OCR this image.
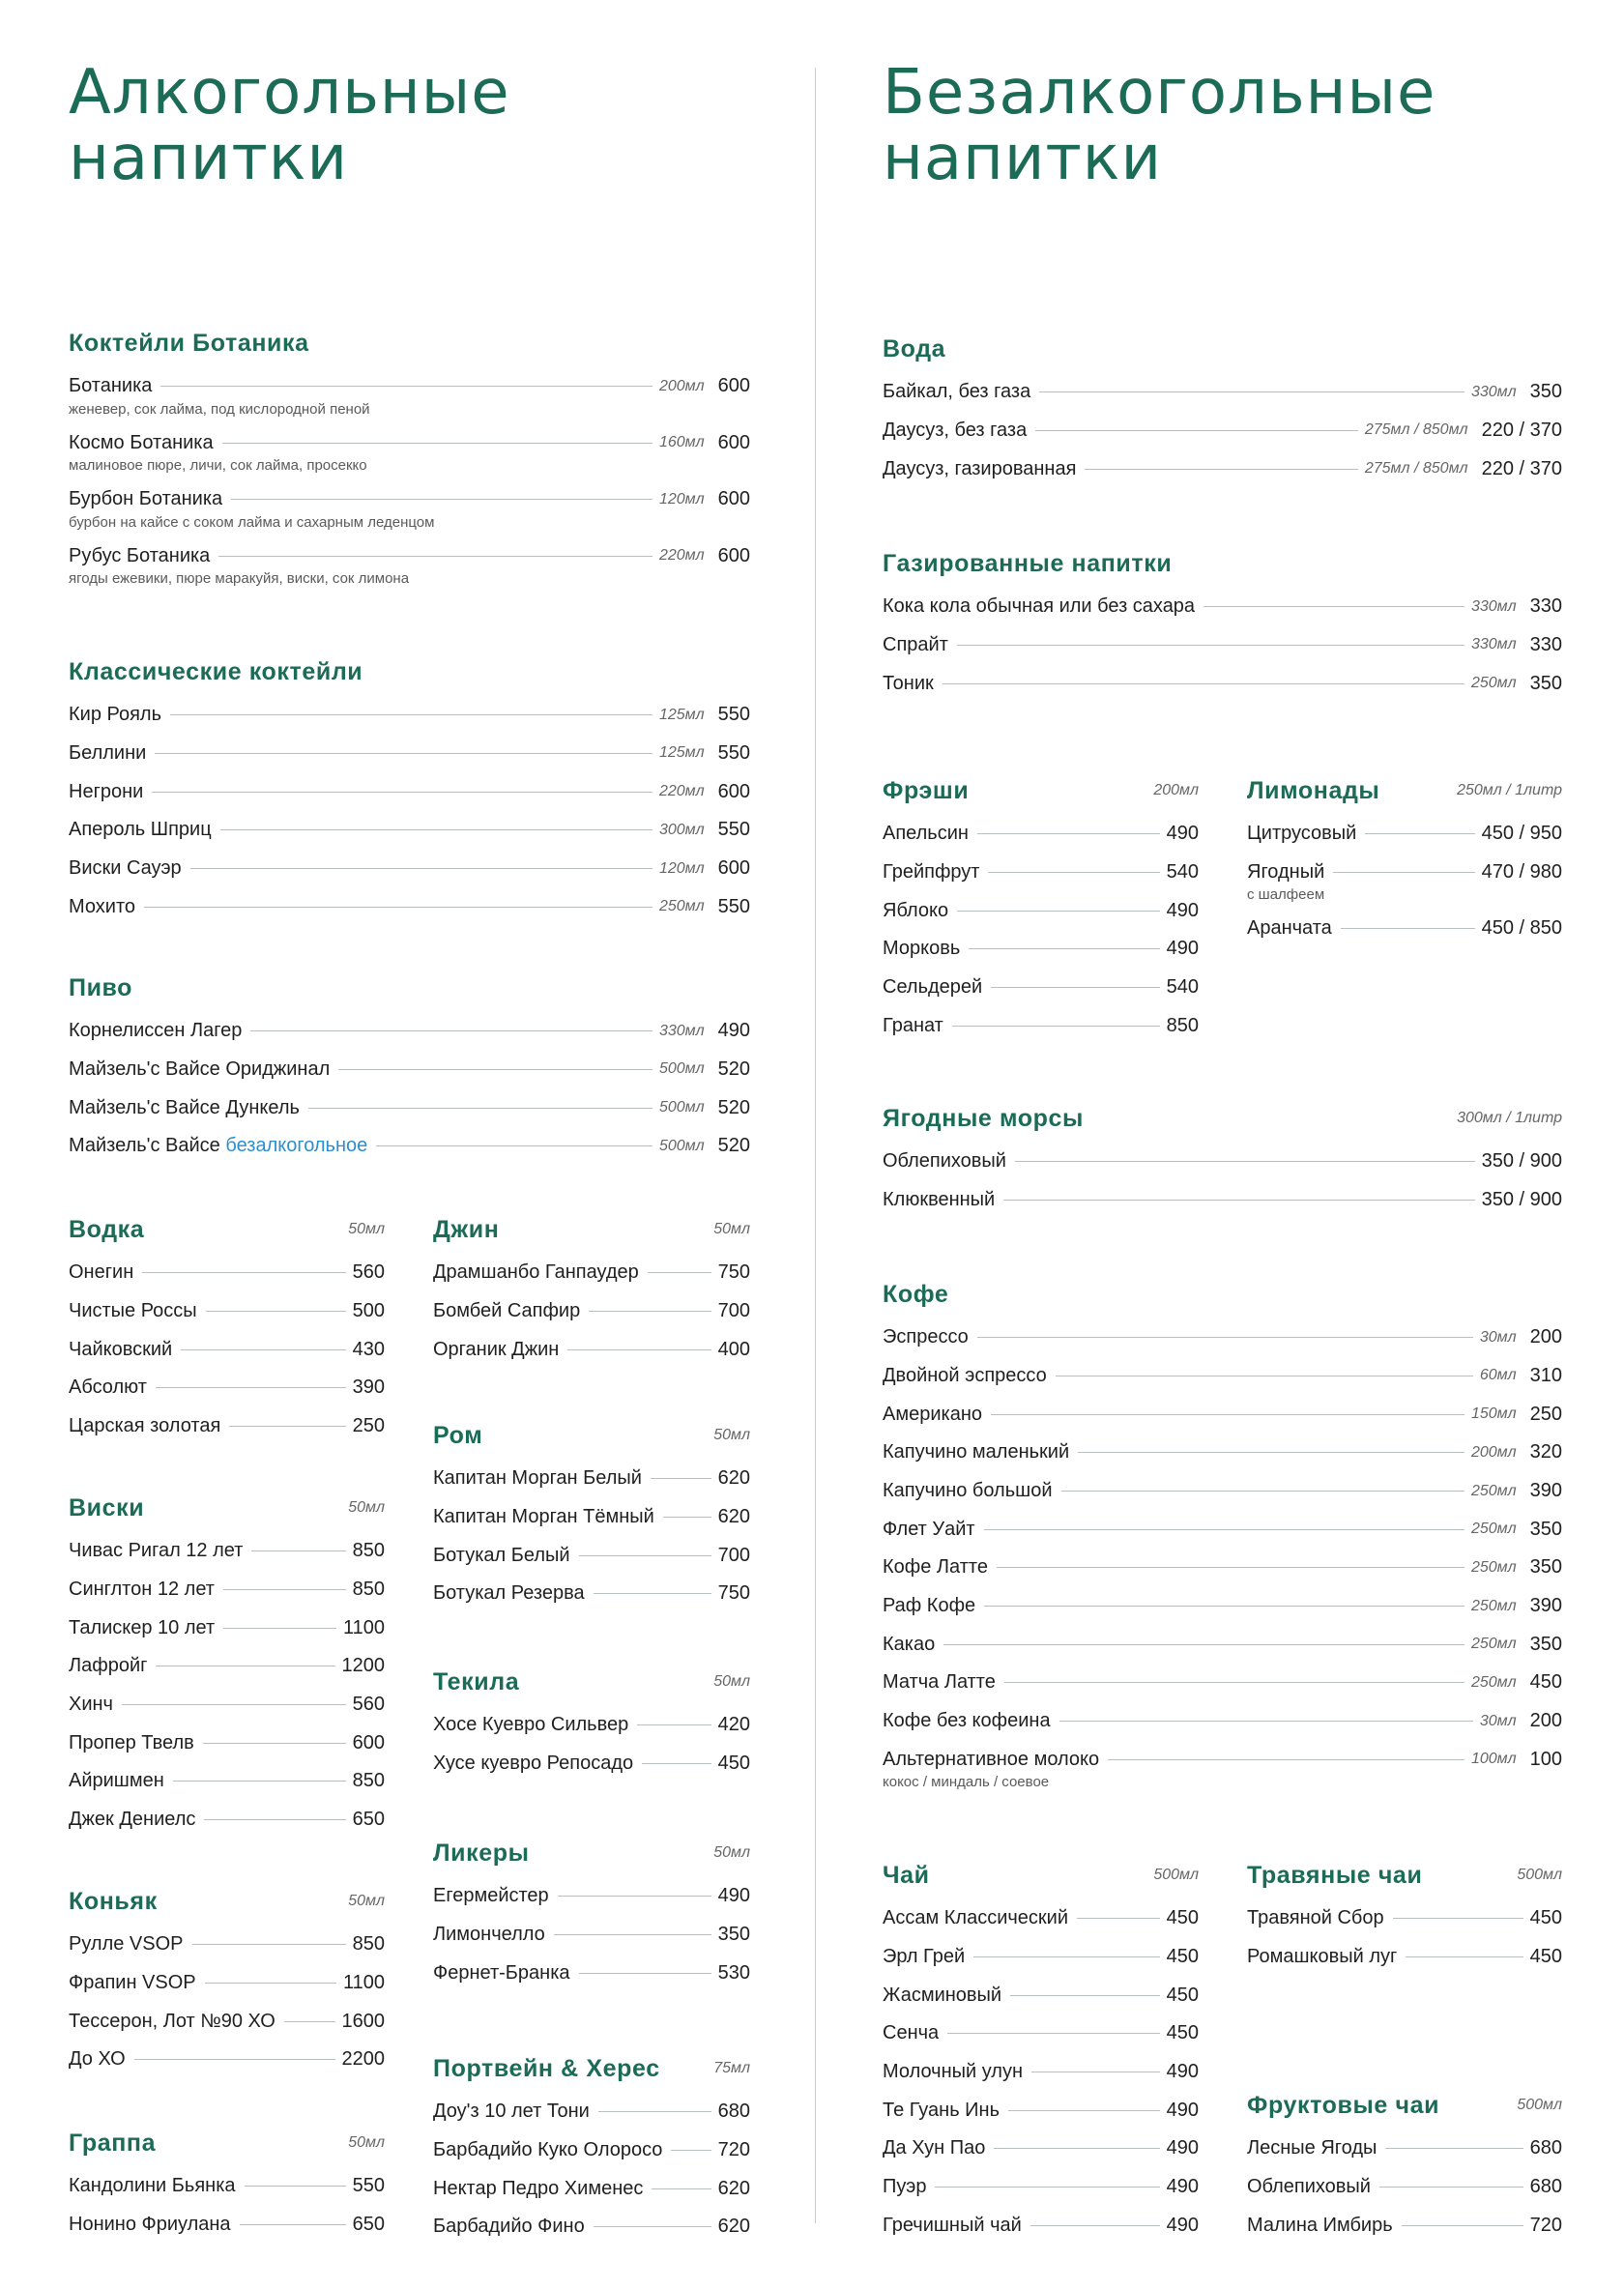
Алкогольные
напитки
Коктейли Ботаника
Ботаника	200мл 600
женевер, сок лайма, под кислородной пеной
Космо Ботаника	160мл 600
малиновое пюре, личи, сок лайма, просекко
Бурбон Ботаника	120мл 600
бурбон на кайсе с соком лайма и сахарным леденцом
Рубус Ботаника	220мл 600
ягоды ежевики, пюре маракуйя, виски, сок лимона
Классические коктейли
Кир Рояль	125мл 550
Беллини	125мл 550
Негрони	220мл 600
Апероль Шприц	300мл 550
Виски Сауэр	120мл 600
Мохито	250мл 550
Пиво
Корнелиссен Лагер	330мл 490
Майзель'с Вайсе Ориджинал	500мл 520
Майзель'с Вайсе Дункель	500мл 520
Майзель'с Вайсе безалкогольное	500мл 520
Водка	50мл
Онегин	560
Чистые Россы	500
Чайковский	430
Абсолют	390
Царская золотая	250
Виски	50мл
Чивас Ригал 12 лет	850
Синглтон 12 лет	850
Талискер 10 лет	1100
Лафройг	1200
Хинч	560
Пропер Твелв	600
Айришмен	850
Джек Дениелс	650
Коньяк	50мл
Рулле VSOP	850
Фрапин VSOP	1100
Тессерон, Лот №90 ХО	1600
До ХО	2200
Граппа	50мл
Кандолини Бьянка	550
Нонино Фриулана	650
Джин	50мл
Драмшанбо Ганпаудер	750
Бомбей Сапфир	700
Органик Джин	400
Ром	50мл
Капитан Морган Белый	620
Капитан Морган Тёмный	620
Ботукал Белый	700
Ботукал Резерва	750
Текила	50мл
Хосе Куевро Сильвер	420
Хусе куевро Репосадо	450
Ликеры	50мл
Егермейстер	490
Лимончелло	350
Фернет-Бранка	530
Портвейн & Херес	75мл
Доу'з 10 лет Тони	680
Барбадийо Куко Олоросо	720
Нектар Педро Хименес	620
Барбадийо Фино	620
Безалкогольные
напитки
Вода
Байкал, без газа	330мл 350
Даусуз, без газа	275мл / 850мл 220 / 370
Даусуз, газированная	275мл / 850мл 220 / 370
Газированные напитки
Кока кола обычная или без сахара	330мл 330
Спрайт	330мл 330
Тоник	250мл 350
Фрэши	200мл
Апельсин	490
Грейпфрут	540
Яблоко	490
Морковь	490
Сельдерей	540
Гранат	850
Лимонады	250мл / 1литр
Цитрусовый	450 / 950
Ягодный	470 / 980
с шалфеем
Аранчата	450 / 850
Ягодные морсы	300мл / 1литр
Облепиховый	350 / 900
Клюквенный	350 / 900
Кофе
Эспрессо	30мл 200
Двойной эспрессо	60мл 310
Американо	150мл 250
Капучино маленький	200мл 320
Капучино большой	250мл 390
Флет Уайт	250мл 350
Кофе Латте	250мл 350
Раф Кофе	250мл 390
Какао	250мл 350
Матча Латте	250мл 450
Кофе без кофеина	30мл 200
Альтернативное молоко	100мл 100
кокос / миндаль / соевое
Чай	500мл
Ассам Классический	450
Эрл Грей	450
Жасминовый	450
Сенча	450
Молочный улун	490
Те Гуань Инь	490
Да Хун Пао	490
Пуэр	490
Гречишный чай	490
Травяные чаи	500мл
Травяной Сбор	450
Ромашковый луг	450
Фруктовые чаи	500мл
Лесные Ягоды	680
Облепиховый	680
Малина Имбирь	720
